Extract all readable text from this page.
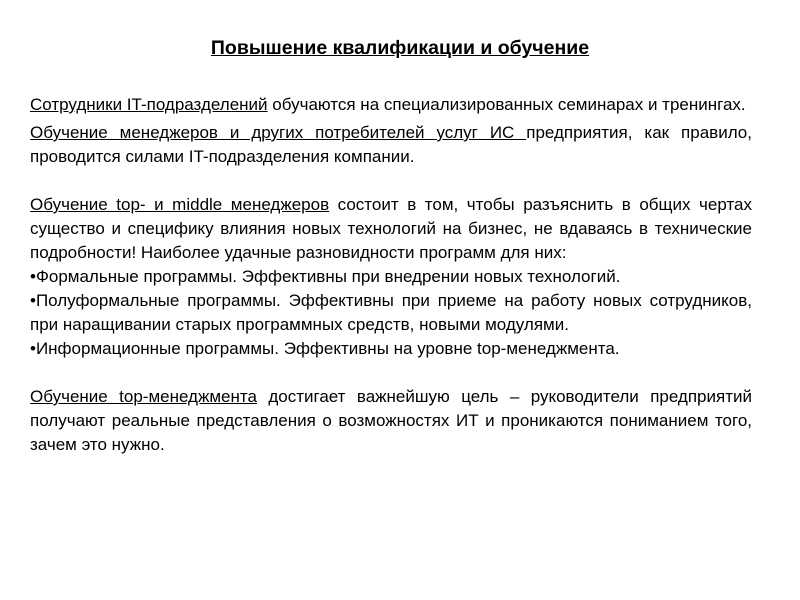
Повышение квалификации и обучение

Сотрудники IT-подразделений обучаются на специализированных семинарах и тренингах.

Обучение менеджеров и других потребителей услуг ИС предприятия, как правило, проводится силами IT-подразделения компании.

Обучение top- и middle менеджеров состоит в том, чтобы разъяснить в общих чертах существо и специфику влияния новых технологий на бизнес, не вдаваясь в технические подробности! Наиболее удачные разновидности программ для них:

•Формальные программы. Эффективны при внедрении новых технологий.
•Полуформальные программы. Эффективны при приеме на работу новых сотрудников, при наращивании старых программных средств, новыми модулями.
•Информационные программы. Эффективны на уровне top-менеджмента.

Обучение top-менеджмента достигает важнейшую цель – руководители предприятий получают реальные представления о возможностях ИТ и проникаются пониманием того, зачем это нужно.
